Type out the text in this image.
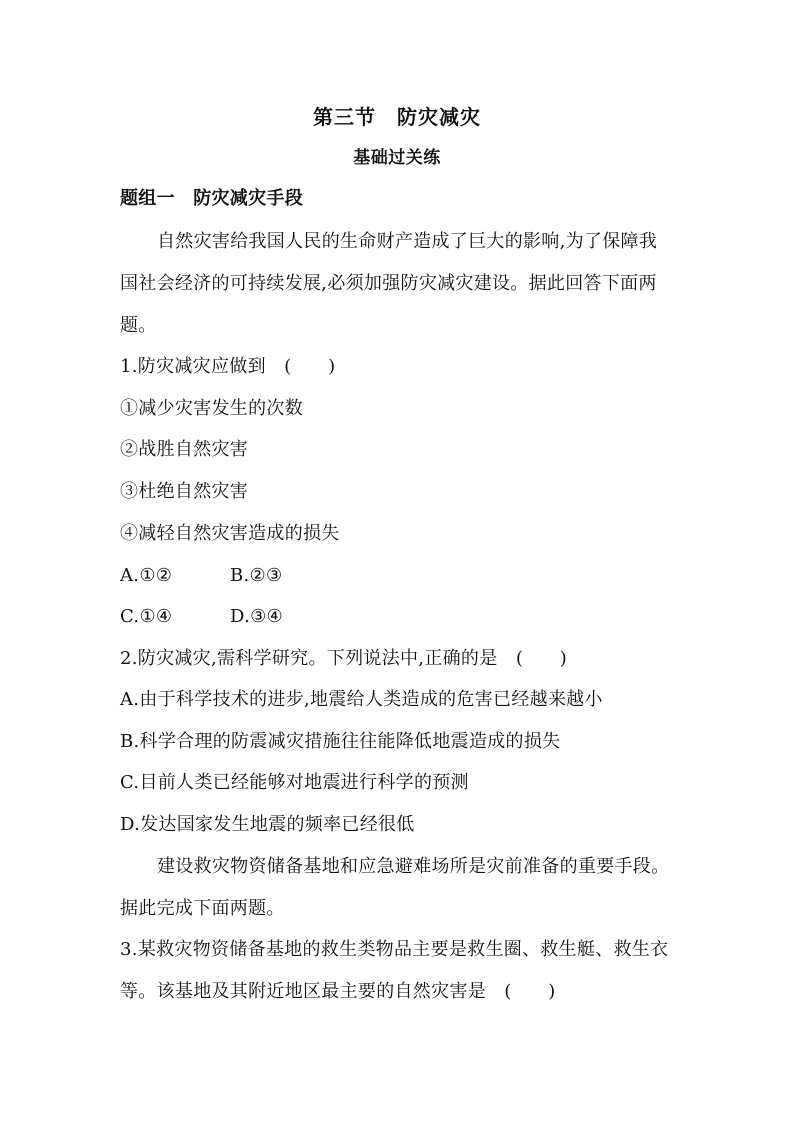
第三节　防灾减灾
基础过关练
题组一　防灾减灾手段
自然灾害给我国人民的生命财产造成了巨大的影响,为了保障我
国社会经济的可持续发展,必须加强防灾减灾建设。据此回答下面两
题。
1.防灾减灾应做到　(　　)
①减少灾害发生的次数
②战胜自然灾害
③杜绝自然灾害
④减轻自然灾害造成的损失
A.①②	B.②③
C.①④	D.③④
2.防灾减灾,需科学研究。下列说法中,正确的是　(　　)
A.由于科学技术的进步,地震给人类造成的危害已经越来越小
B.科学合理的防震减灾措施往往能降低地震造成的损失
C.目前人类已经能够对地震进行科学的预测
D.发达国家发生地震的频率已经很低
建设救灾物资储备基地和应急避难场所是灾前准备的重要手段。
据此完成下面两题。
3.某救灾物资储备基地的救生类物品主要是救生圈、救生艇、救生衣
等。该基地及其附近地区最主要的自然灾害是　(　　)
